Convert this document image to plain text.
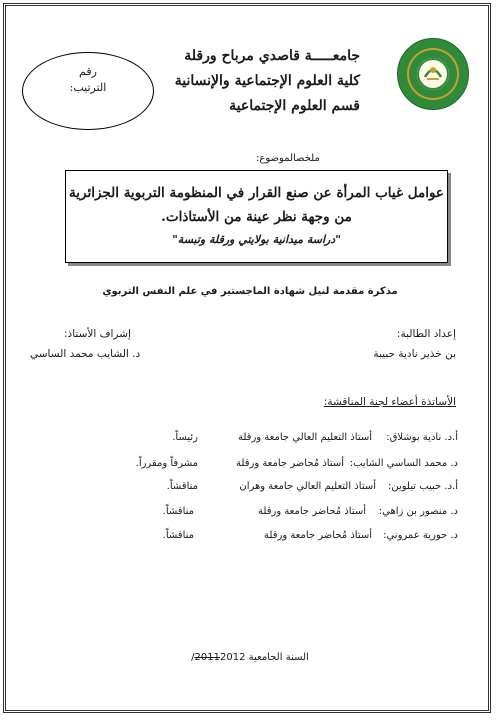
جامعـــــة قاصدي مرباح ورقلة
كلية العلوم الإجتماعية والإنسانية
قسم العلوم الإجتماعية
رقم
الترتيب:
ملخصالموضوع:
عوامل غياب المرأة عن صنع القرار في المنظومة التربوية الجزائرية
من وجهة نظر عينة من الأستاذات.
"دراسة ميدانية بولايتي ورقلة وتبسة"
مذكرة مقدمة لنيل شهادة الماجستير في علم النفس التربوي
إعداد الطالبة:
بن خذير نادية حبيبة
إشراف الأستاذ:
د. الشايب محمد الساسي
الأساتذة أعضاء لجنة المناقشة:
أ.د. نادية بوشلاق:
أستاذ التعليم العالي جامعة ورقلة
رئيساً.
د. محمد الساسي الشايب:
أستاذ مُحاضر جامعة ورقلة
مشرفاً ومقرراً.
أ.د. حبيب تيلوين:
أستاذ التعليم العالي جامعة وهران
مناقشاً.
د. منصور بن زاهي:
أستاذ مُحاضر جامعة ورقلة
مناقشاً.
د. حورية عمروني:
أستاذ مُحاضر جامعة ورقلة
مناقشاً.
السنة الجامعية 20112012/
